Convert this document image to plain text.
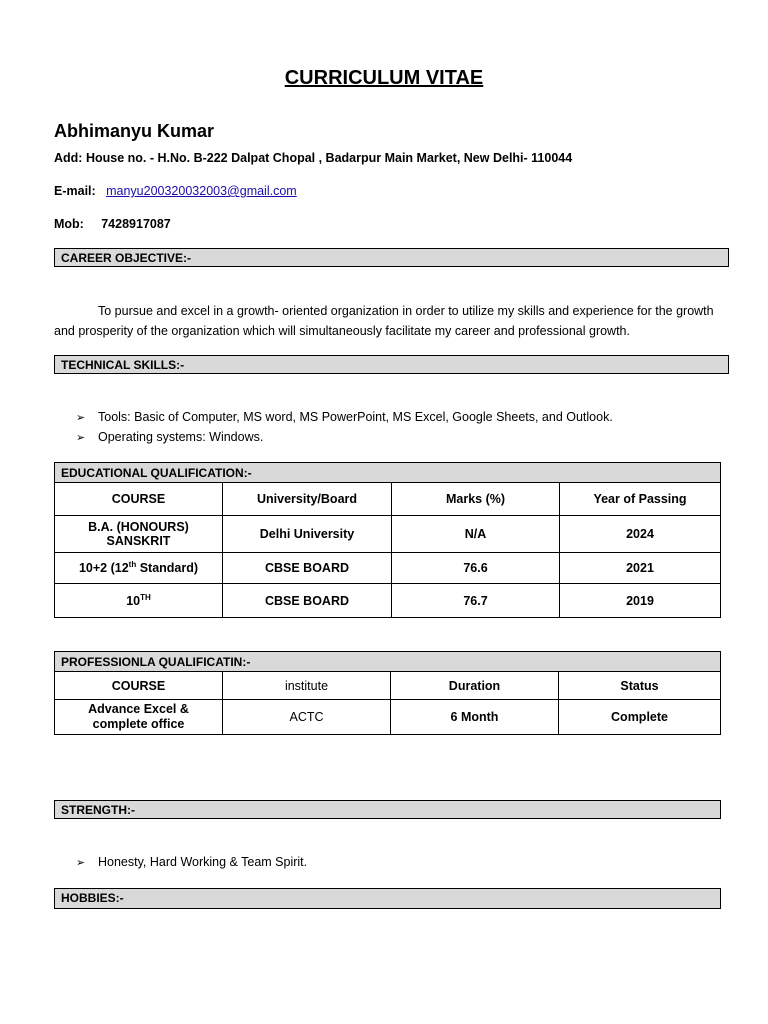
CURRICULUM VITAE
Abhimanyu Kumar
Add: House no. - H.No. B-222 Dalpat Chopal , Badarpur Main Market, New Delhi- 110044
E-mail: manyu200320032003@gmail.com
Mob: 7428917087
CAREER OBJECTIVE:-
To pursue and excel in a growth- oriented organization in order to utilize my skills and experience for the growth and prosperity of the organization which will simultaneously facilitate my career and professional growth.
TECHNICAL SKILLS:-
➢ Tools: Basic of Computer, MS word, MS PowerPoint, MS Excel, Google Sheets, and Outlook.
➢ Operating systems: Windows.
EDUCATIONAL QUALIFICATION:-			
COURSE	University/Board	Marks (%)	Year of Passing
B.A. (HONOURS) SANSKRIT	Delhi University	N/A	2024
10+2 (12th Standard)	CBSE BOARD	76.6	2021
10TH	CBSE BOARD	76.7	2019
PROFESSIONLA QUALIFICATIN:-			
COURSE	institute	Duration	Status
Advance Excel & complete office	ACTC	6 Month	Complete
STRENGTH:-
➢ Honesty, Hard Working & Team Spirit.
HOBBIES:-
